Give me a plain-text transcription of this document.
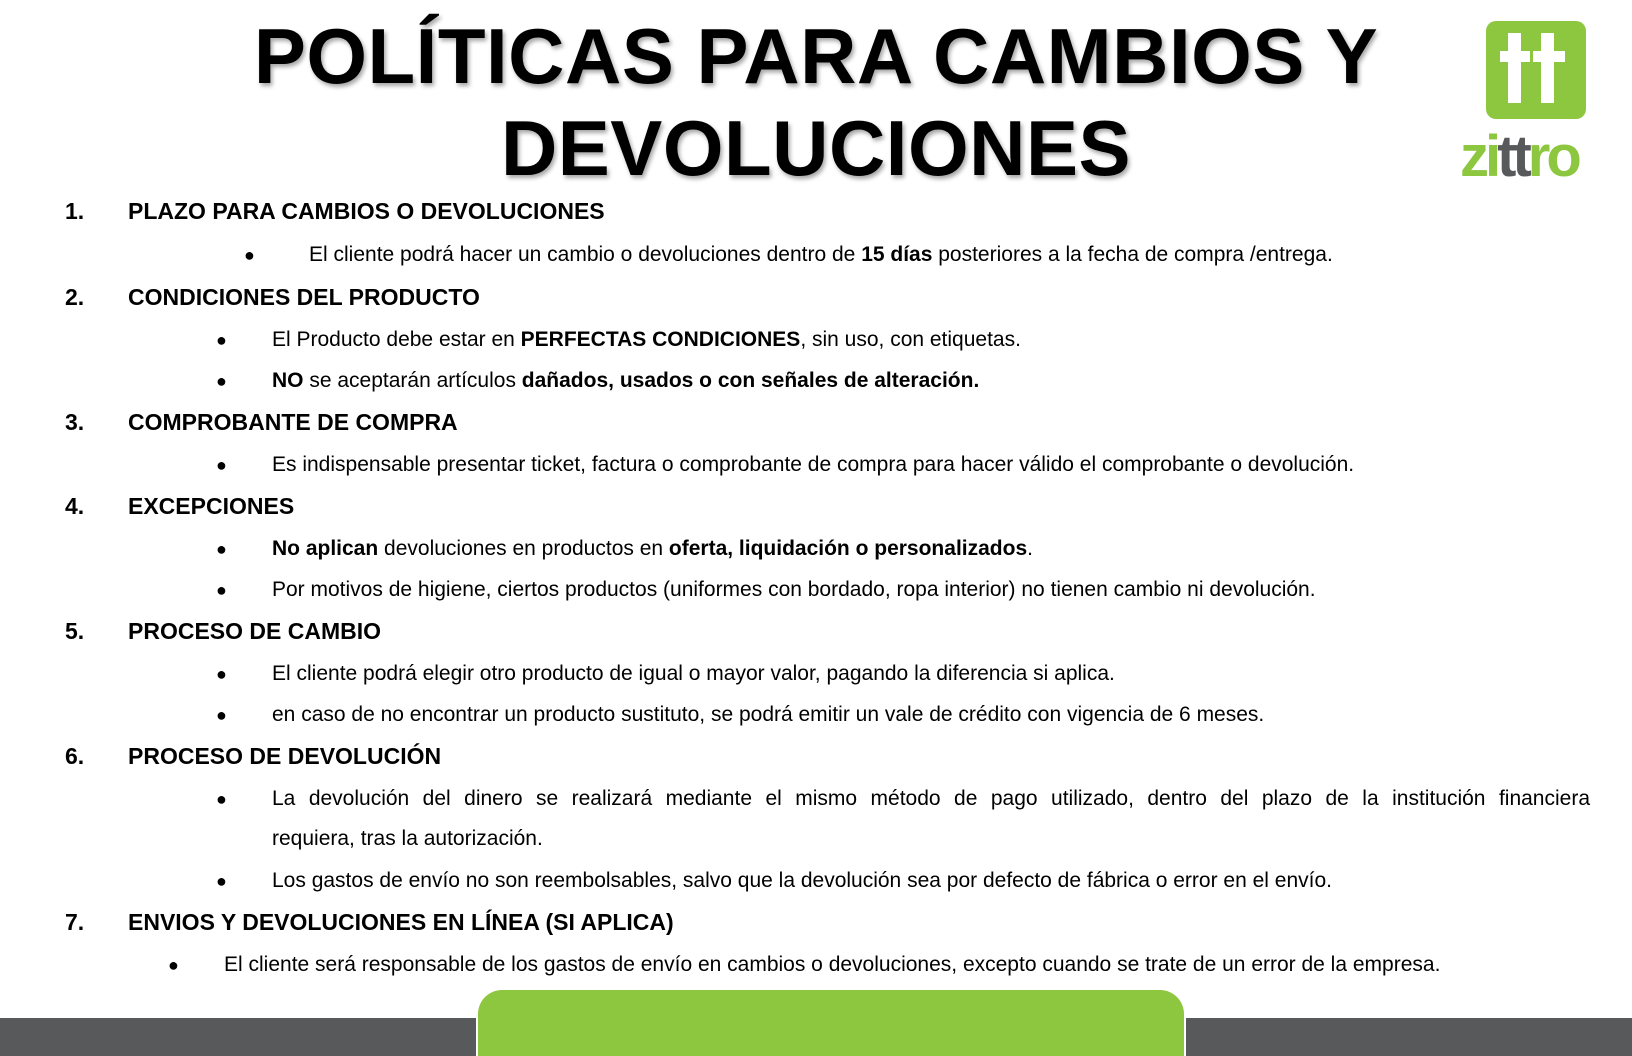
POLÍTICAS PARA CAMBIOS Y
DEVOLUCIONES	zittro
1. PLAZO PARA CAMBIOS O DEVOLUCIONES
●	El cliente podrá hacer un cambio o devoluciones dentro de 15 días posteriores a la fecha de compra /entrega.
2. CONDICIONES DEL PRODUCTO
● El Producto debe estar en PERFECTAS CONDICIONES, sin uso, con etiquetas.
● NO se aceptarán artículos dañados, usados o con señales de alteración.
3. COMPROBANTE DE COMPRA
● Es indispensable presentar ticket, factura o comprobante de compra para hacer válido el comprobante o devolución.
4. EXCEPCIONES
● No aplican devoluciones en productos en oferta, liquidación o personalizados.
● Por motivos de higiene, ciertos productos (uniformes con bordado, ropa interior) no tienen cambio ni devolución.
5. PROCESO DE CAMBIO
● El cliente podrá elegir otro producto de igual o mayor valor, pagando la diferencia si aplica.
● en caso de no encontrar un producto sustituto, se podrá emitir un vale de crédito con vigencia de 6 meses.
6. PROCESO DE DEVOLUCIÓN
● La devolución del dinero se realizará mediante el mismo método de pago utilizado, dentro del plazo de la institución financiera
requiera, tras la autorización.
● Los gastos de envío no son reembolsables, salvo que la devolución sea por defecto de fábrica o error en el envío.
7. ENVIOS Y DEVOLUCIONES EN LÍNEA (SI APLICA)
● El cliente será responsable de los gastos de envío en cambios o devoluciones, excepto cuando se trate de un error de la empresa.
